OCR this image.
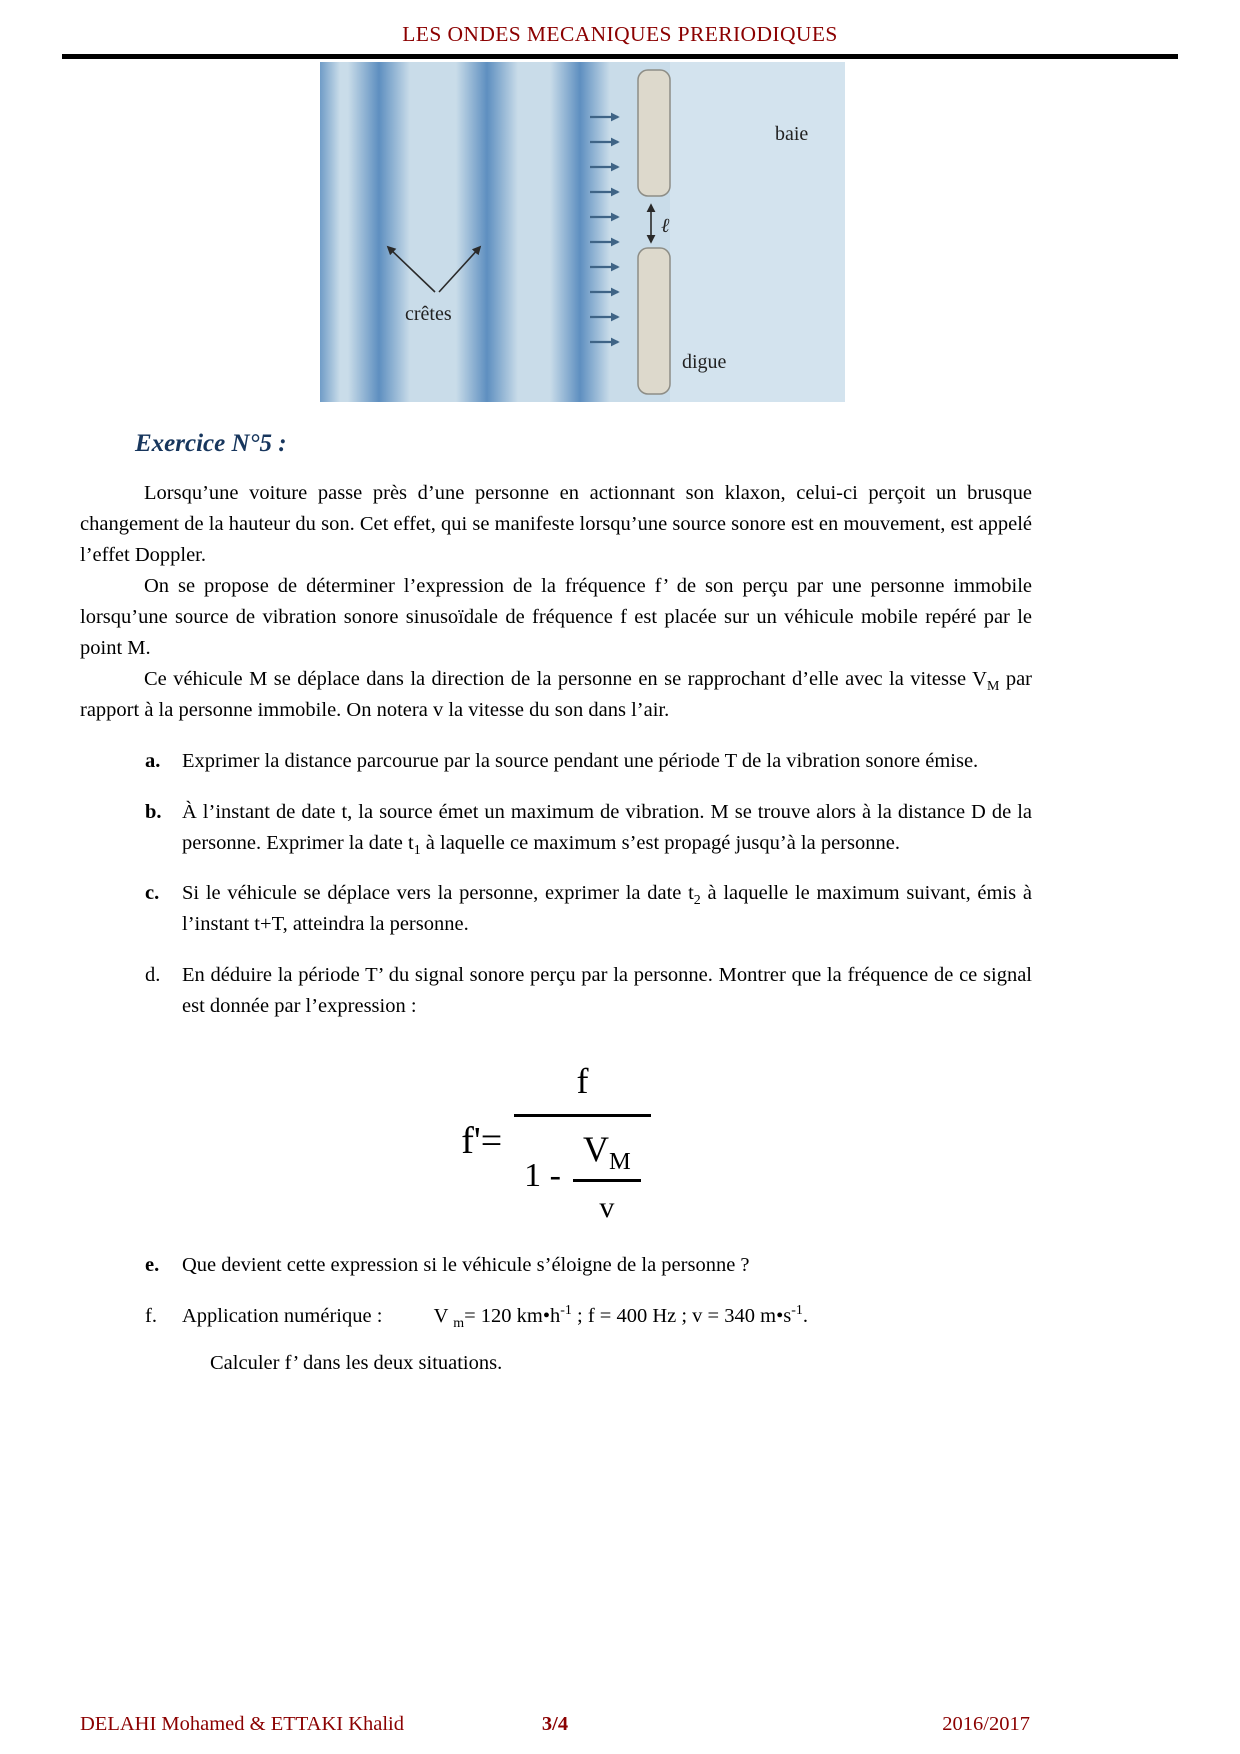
LES ONDES MECANIQUES PRERIODIQUES
ℓ
baie
crêtes
digue
Exercice N°5 :

Lorsqu’une voiture passe près d’une personne en actionnant son klaxon, celui-ci perçoit un brusque changement de la hauteur du son. Cet effet, qui se manifeste lorsqu’une source sonore est en mouvement, est appelé l’effet Doppler.

On se propose de déterminer l’expression de la fréquence f’ de son perçu par une personne immobile lorsqu’une source de vibration sonore sinusoïdale de fréquence f est placée sur un véhicule mobile repéré par le point M.

Ce véhicule M se déplace dans la direction de la personne en se rapprochant d’elle avec la vitesse $V_M$ par rapport à la personne immobile. On notera v la vitesse du son dans l’air.

a.	Exprimer la distance parcourue par la source pendant une période T de la vibration sonore émise.
b. À l’instant de date t, la source émet un maximum de vibration. M se trouve alors à la distance D de la personne. Exprimer la date $t_1$ à laquelle ce maximum s’est propagé jusqu’à la personne.
c.	Si le véhicule se déplace vers la personne, exprimer la date $t_2$ à laquelle le maximum suivant, émis à l’instant t+T, atteindra la personne.
d.	En déduire la période T’ du signal sonore perçu par la personne. Montrer que la fréquence de ce signal est donnée par l’expression :
$f'= \frac{f}{1 - \frac{V_M}{v}}$
e.	Que devient cette expression si le véhicule s’éloigne de la personne ?
f.	Application numérique :   V $_m$= 120 $km•h^{-1}$ ; f = 400 Hz ; v = 340 $m•s^{-1}$.

Calculer f’ dans les deux situations.

DELAHI Mohamed & ETTAKI Khalid	3/4	2016/2017
